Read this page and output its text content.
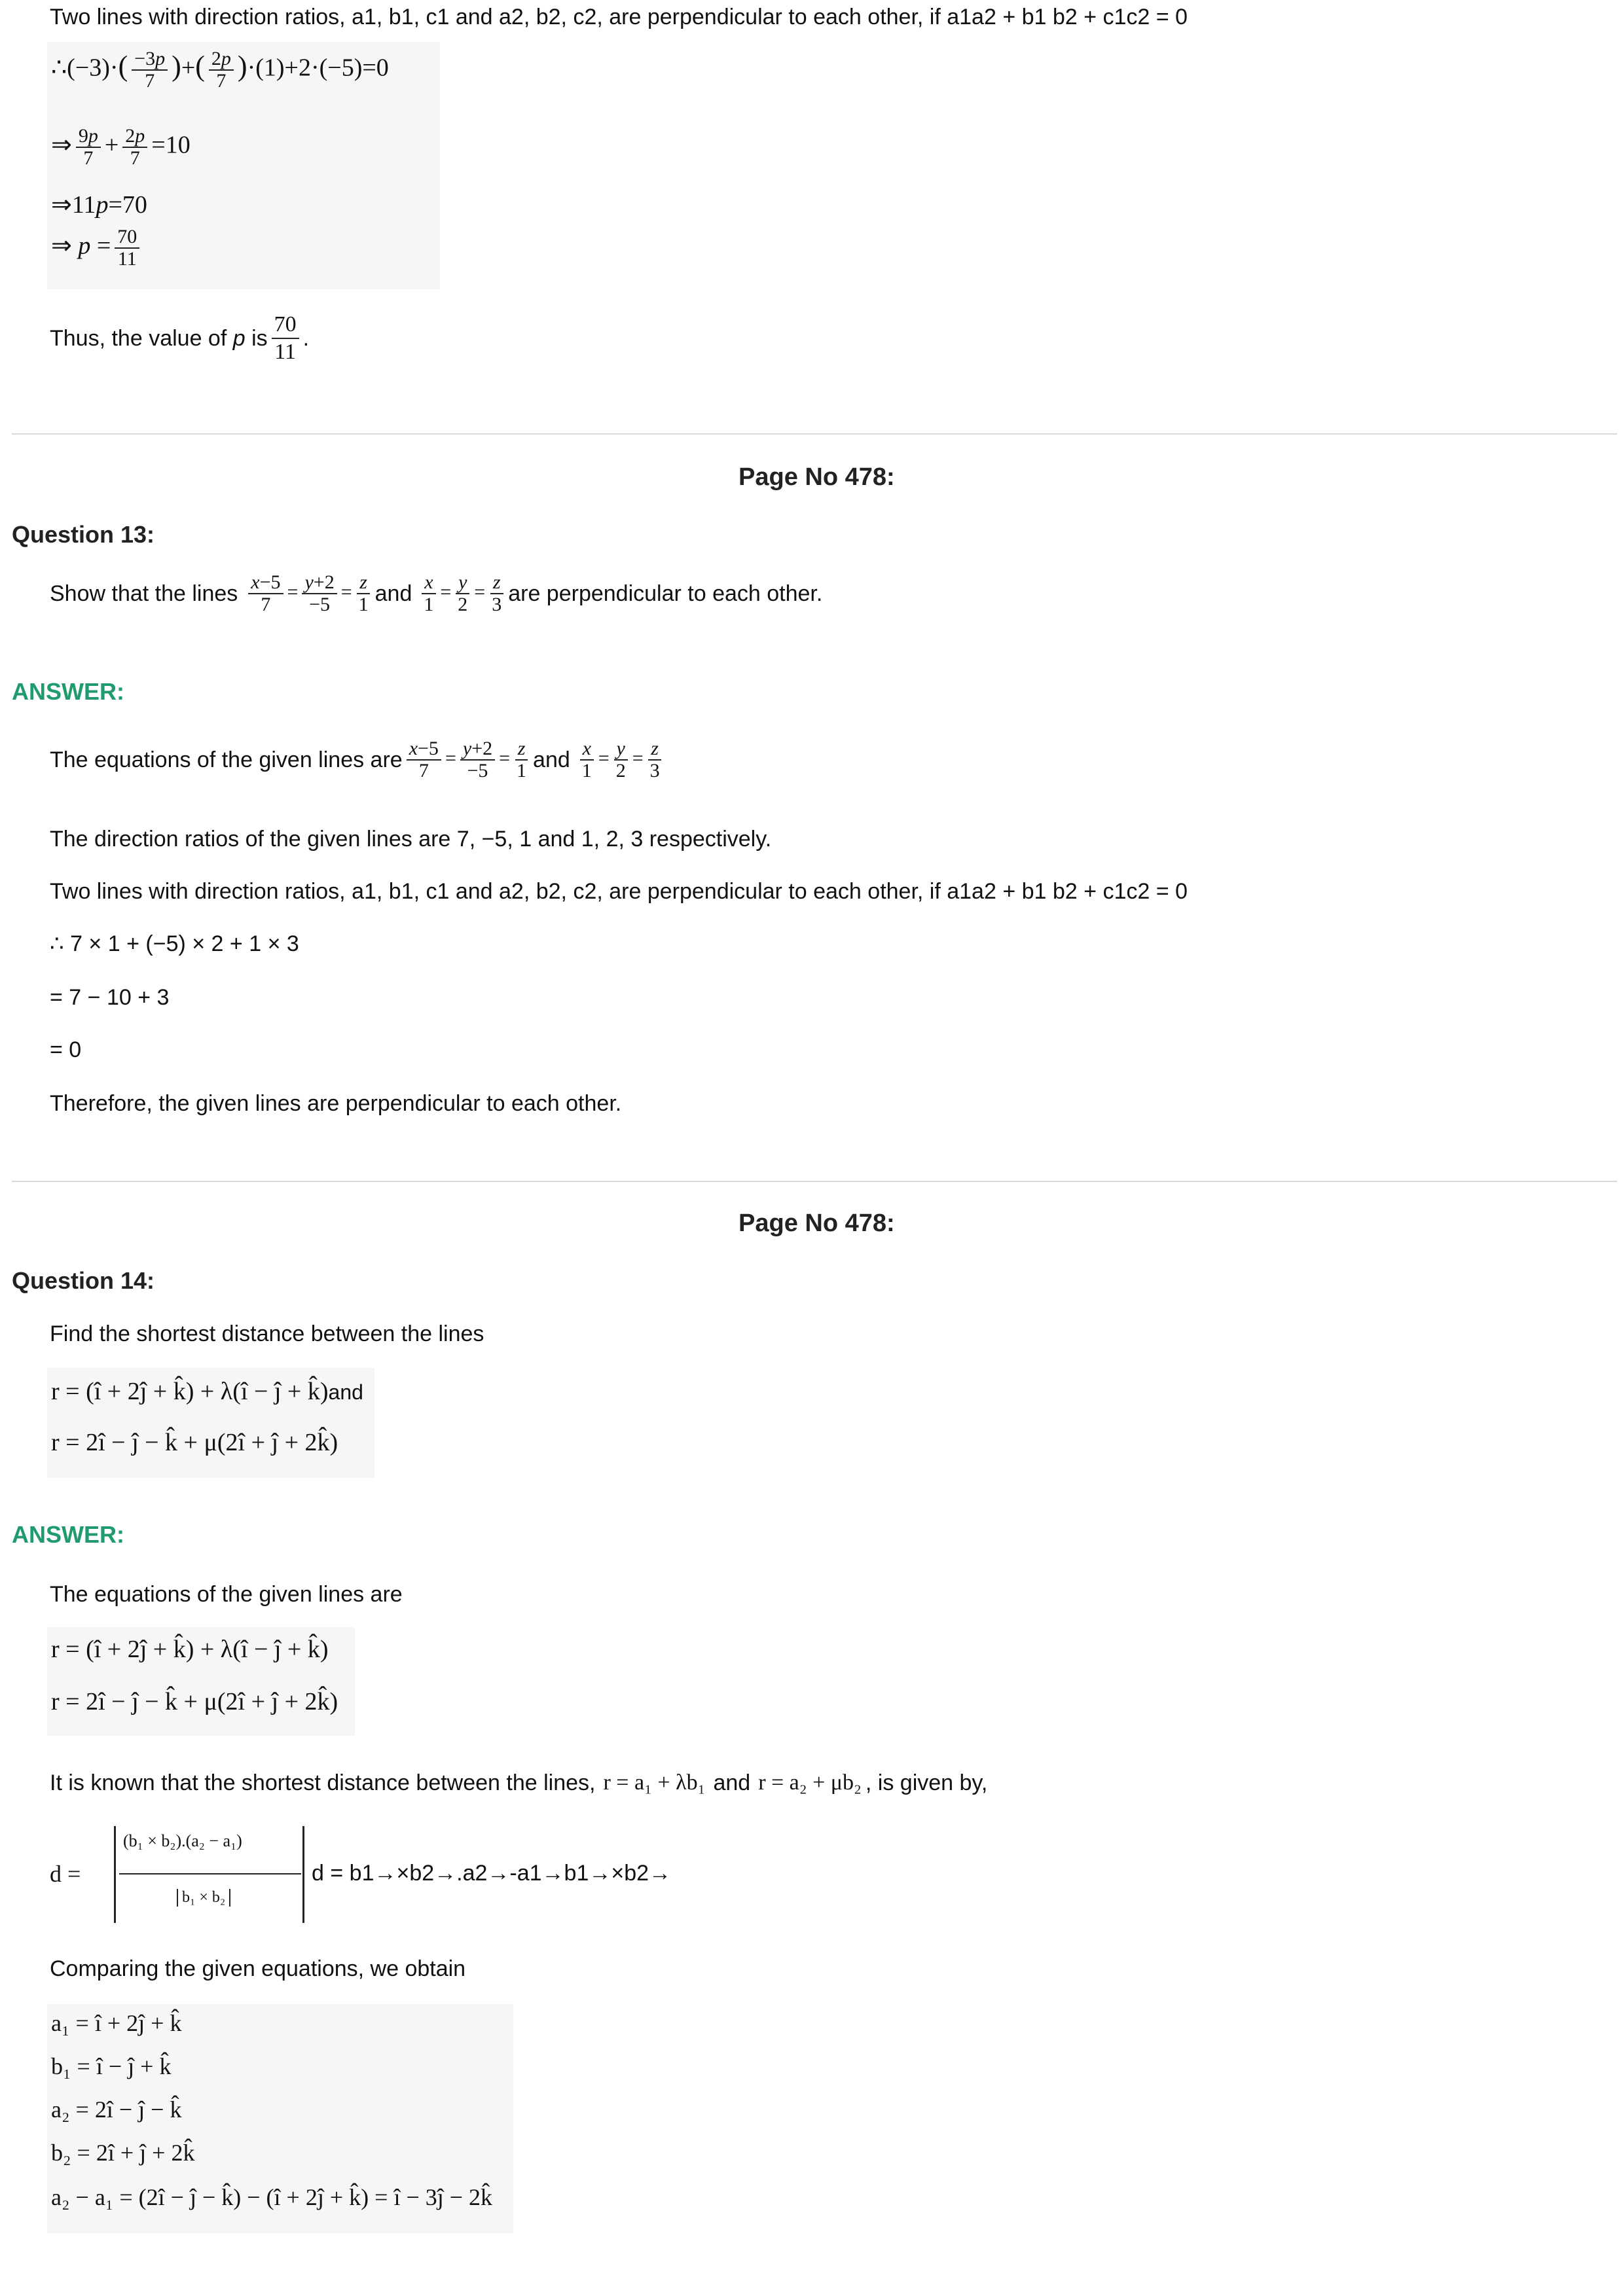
Two lines with direction ratios, a1, b1, c1 and a2, b2, c2, are perpendicular to each other, if a1a2 + b1 b2 + c1c2 = 0
∴(−3)·( $\frac{-3p}{7}$ )+( $\frac{2p}{7} )\cdot(1)+2\cdot(-5)=0$
⇒ $\frac{9p}{7} + \frac{2p}{7} =10$
⇒11p=70
⇒ $p = \frac{70}{11}$
Thus, the value of
p
is $\frac{70}{11}$ .
Page No 478:
Question 13:
Show that the lines $\frac{x-5}{7} = \frac{y+2}{-5} = \frac{z}{1}$ and $\frac{x}{1} = \frac{y}{2} = \frac{z}{3}$ are perpendicular to each other.
ANSWER:
The equations of the given lines are $\frac{x-5}{7} = \frac{y+2}{-5} = \frac{z}{1}$ and $\frac{x}{1} = \frac{y}{2} = \frac{z}{3}$
The direction ratios of the given lines are 7, −5, 1 and 1, 2, 3 respectively.
Two lines with direction ratios, a1, b1, c1 and a2, b2, c2, are perpendicular to each other, if a1a2 + b1 b2 + c1c2 = 0
∴ 7 × 1 + (−5) × 2 + 1 × 3
= 7 − 10 + 3
= 0
Therefore, the given lines are perpendicular to each other.
Page No 478:
Question 14:
Find the shortest distance between the lines
r = (î + 2ĵ + k̂) + λ(î − ĵ + k̂)and
r = 2î − ĵ − k̂ + μ(2î + ĵ + 2k̂)
ANSWER:
The equations of the given lines are
r = (î + 2ĵ + k̂) + λ(î − ĵ + k̂)
r = 2î − ĵ − k̂ + μ(2î + ĵ + 2k̂)
It is known that the shortest distance between the lines, r = a₁ + λb₁ and r = a₂ + μb₂ , is given by,
d =
(b₁ × b₂).(a₂ − a₁)
b₁ × b₂
d = b1→×b2→.a2→-a1→b1→×b2→
Comparing the given equations, we obtain
a₁ = î + 2ĵ + k̂
b₁ = î − ĵ + k̂
a₂ = 2î − ĵ − k̂
b₂ = 2î + ĵ + 2k̂
a₂ − a₁ = (2î − ĵ − k̂) − (î + 2ĵ + k̂) = î − 3ĵ − 2k̂
